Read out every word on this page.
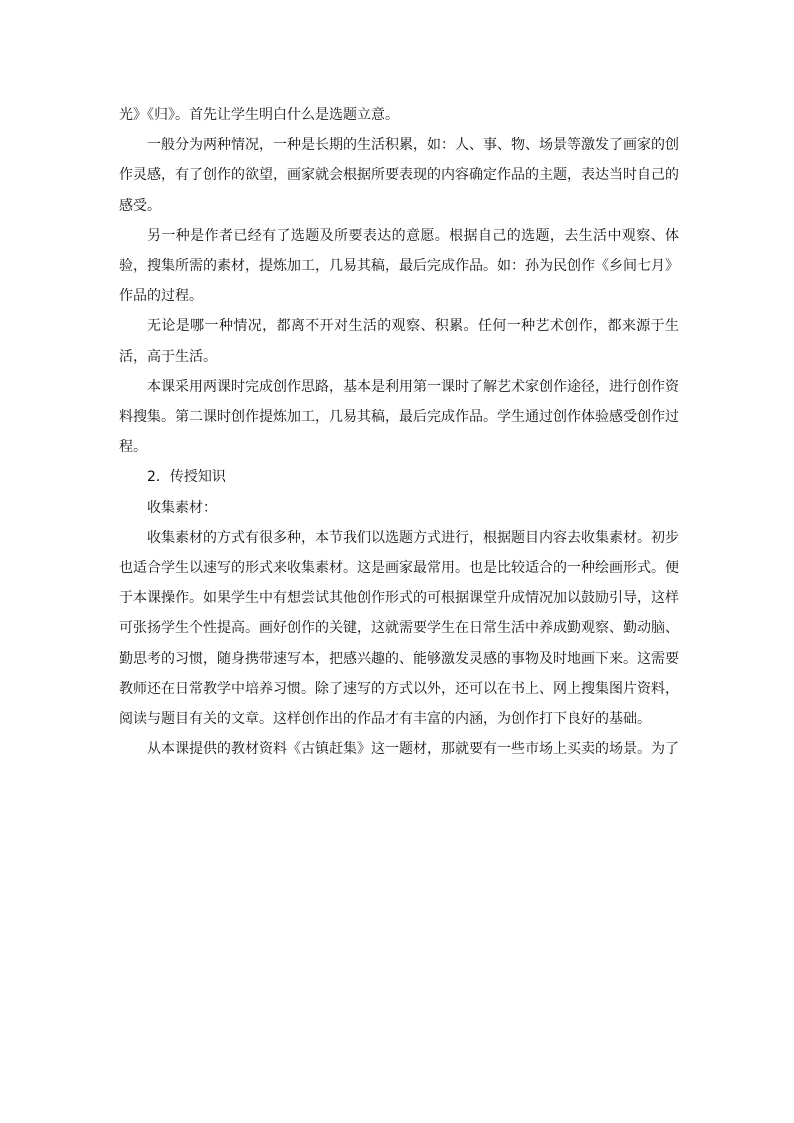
光》《归》。首先让学生明白什么是选题立意。

一般分为两种情况，一种是长期的生活积累，如：人、事、物、场景等激发了画家的创作灵感，有了创作的欲望，画家就会根据所要表现的内容确定作品的主题，表达当时自己的感受。

另一种是作者已经有了选题及所要表达的意愿。根据自己的选题，去生活中观察、体验，搜集所需的素材，提炼加工，几易其稿，最后完成作品。如：孙为民创作《乡间七月》作品的过程。

无论是哪一种情况，都离不开对生活的观察、积累。任何一种艺术创作，都来源于生活，高于生活。

本课采用两课时完成创作思路，基本是利用第一课时了解艺术家创作途径，进行创作资料搜集。第二课时创作提炼加工，几易其稿，最后完成作品。学生通过创作体验感受创作过程。

2．传授知识

收集素材：

收集素材的方式有很多种，本节我们以选题方式进行，根据题目内容去收集素材。初步也适合学生以速写的形式来收集素材。这是画家最常用。也是比较适合的一种绘画形式。便于本课操作。如果学生中有想尝试其他创作形式的可根据课堂升成情况加以鼓励引导，这样可张扬学生个性提高。画好创作的关键，这就需要学生在日常生活中养成勤观察、勤动脑、勤思考的习惯，随身携带速写本，把感兴趣的、能够激发灵感的事物及时地画下来。这需要教师还在日常教学中培养习惯。除了速写的方式以外，还可以在书上、网上搜集图片资料，阅读与题目有关的文章。这样创作出的作品才有丰富的内涵，为创作打下良好的基础。

从本课提供的教材资料《古镇赶集》这一题材，那就要有一些市场上买卖的场景。为了
